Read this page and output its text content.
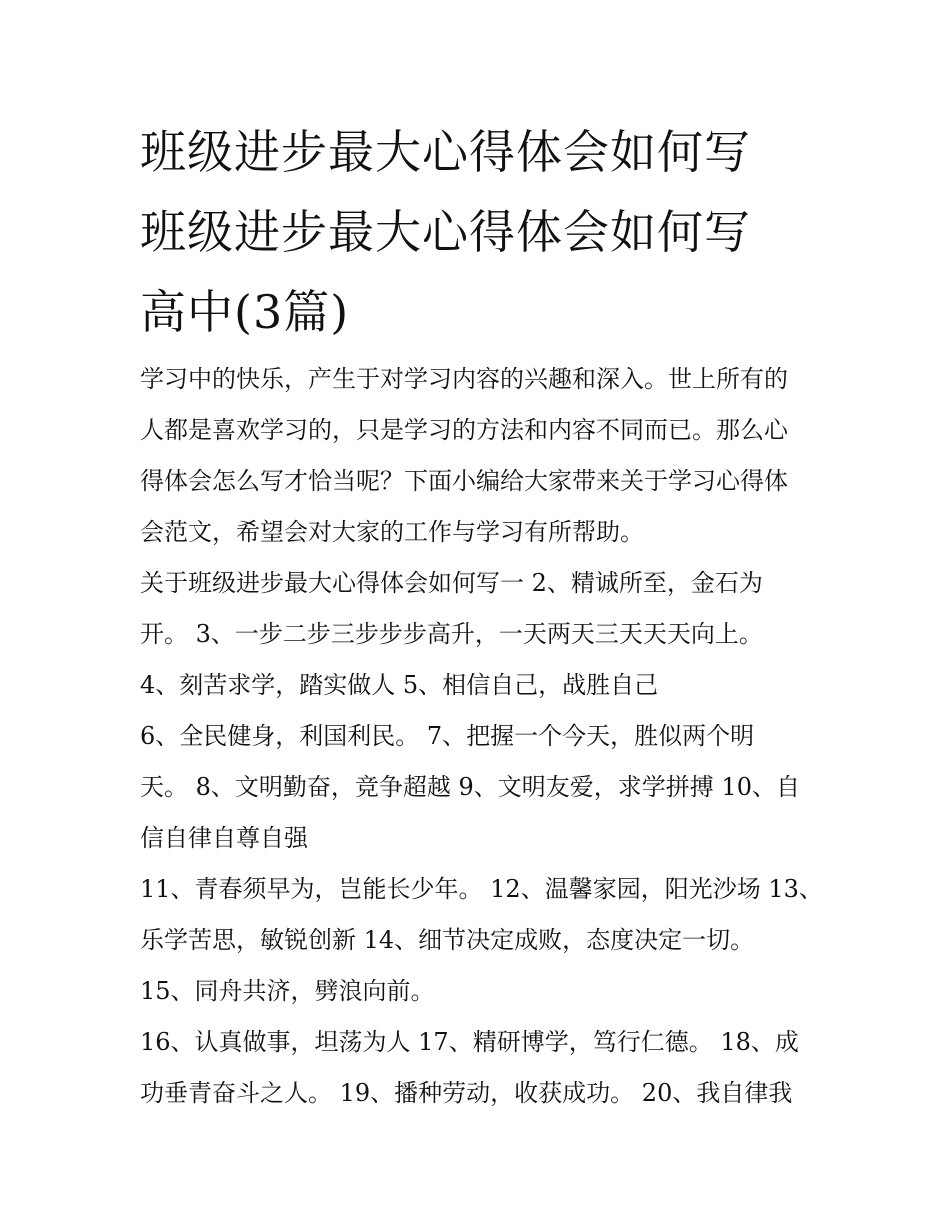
班级进步最大心得体会如何写
班级进步最大心得体会如何写
高中(3篇)
学习中的快乐，产生于对学习内容的兴趣和深入。世上所有的
人都是喜欢学习的，只是学习的方法和内容不同而已。那么心
得体会怎么写才恰当呢？下面小编给大家带来关于学习心得体
会范文，希望会对大家的工作与学习有所帮助。
关于班级进步最大心得体会如何写一 2、精诚所至，金石为
开。 3、一步二步三步步步高升，一天两天三天天天向上。
4、刻苦求学，踏实做人 5、相信自己，战胜自己
6、全民健身，利国利民。 7、把握一个今天，胜似两个明
天。 8、文明勤奋，竞争超越 9、文明友爱，求学拼搏 10、自
信自律自尊自强
11、青春须早为，岂能长少年。 12、温馨家园，阳光沙场 13、
乐学苦思，敏锐创新 14、细节决定成败，态度决定一切。
15、同舟共济，劈浪向前。
16、认真做事，坦荡为人 17、精研博学，笃行仁德。 18、成
功垂青奋斗之人。 19、播种劳动，收获成功。 20、我自律我
